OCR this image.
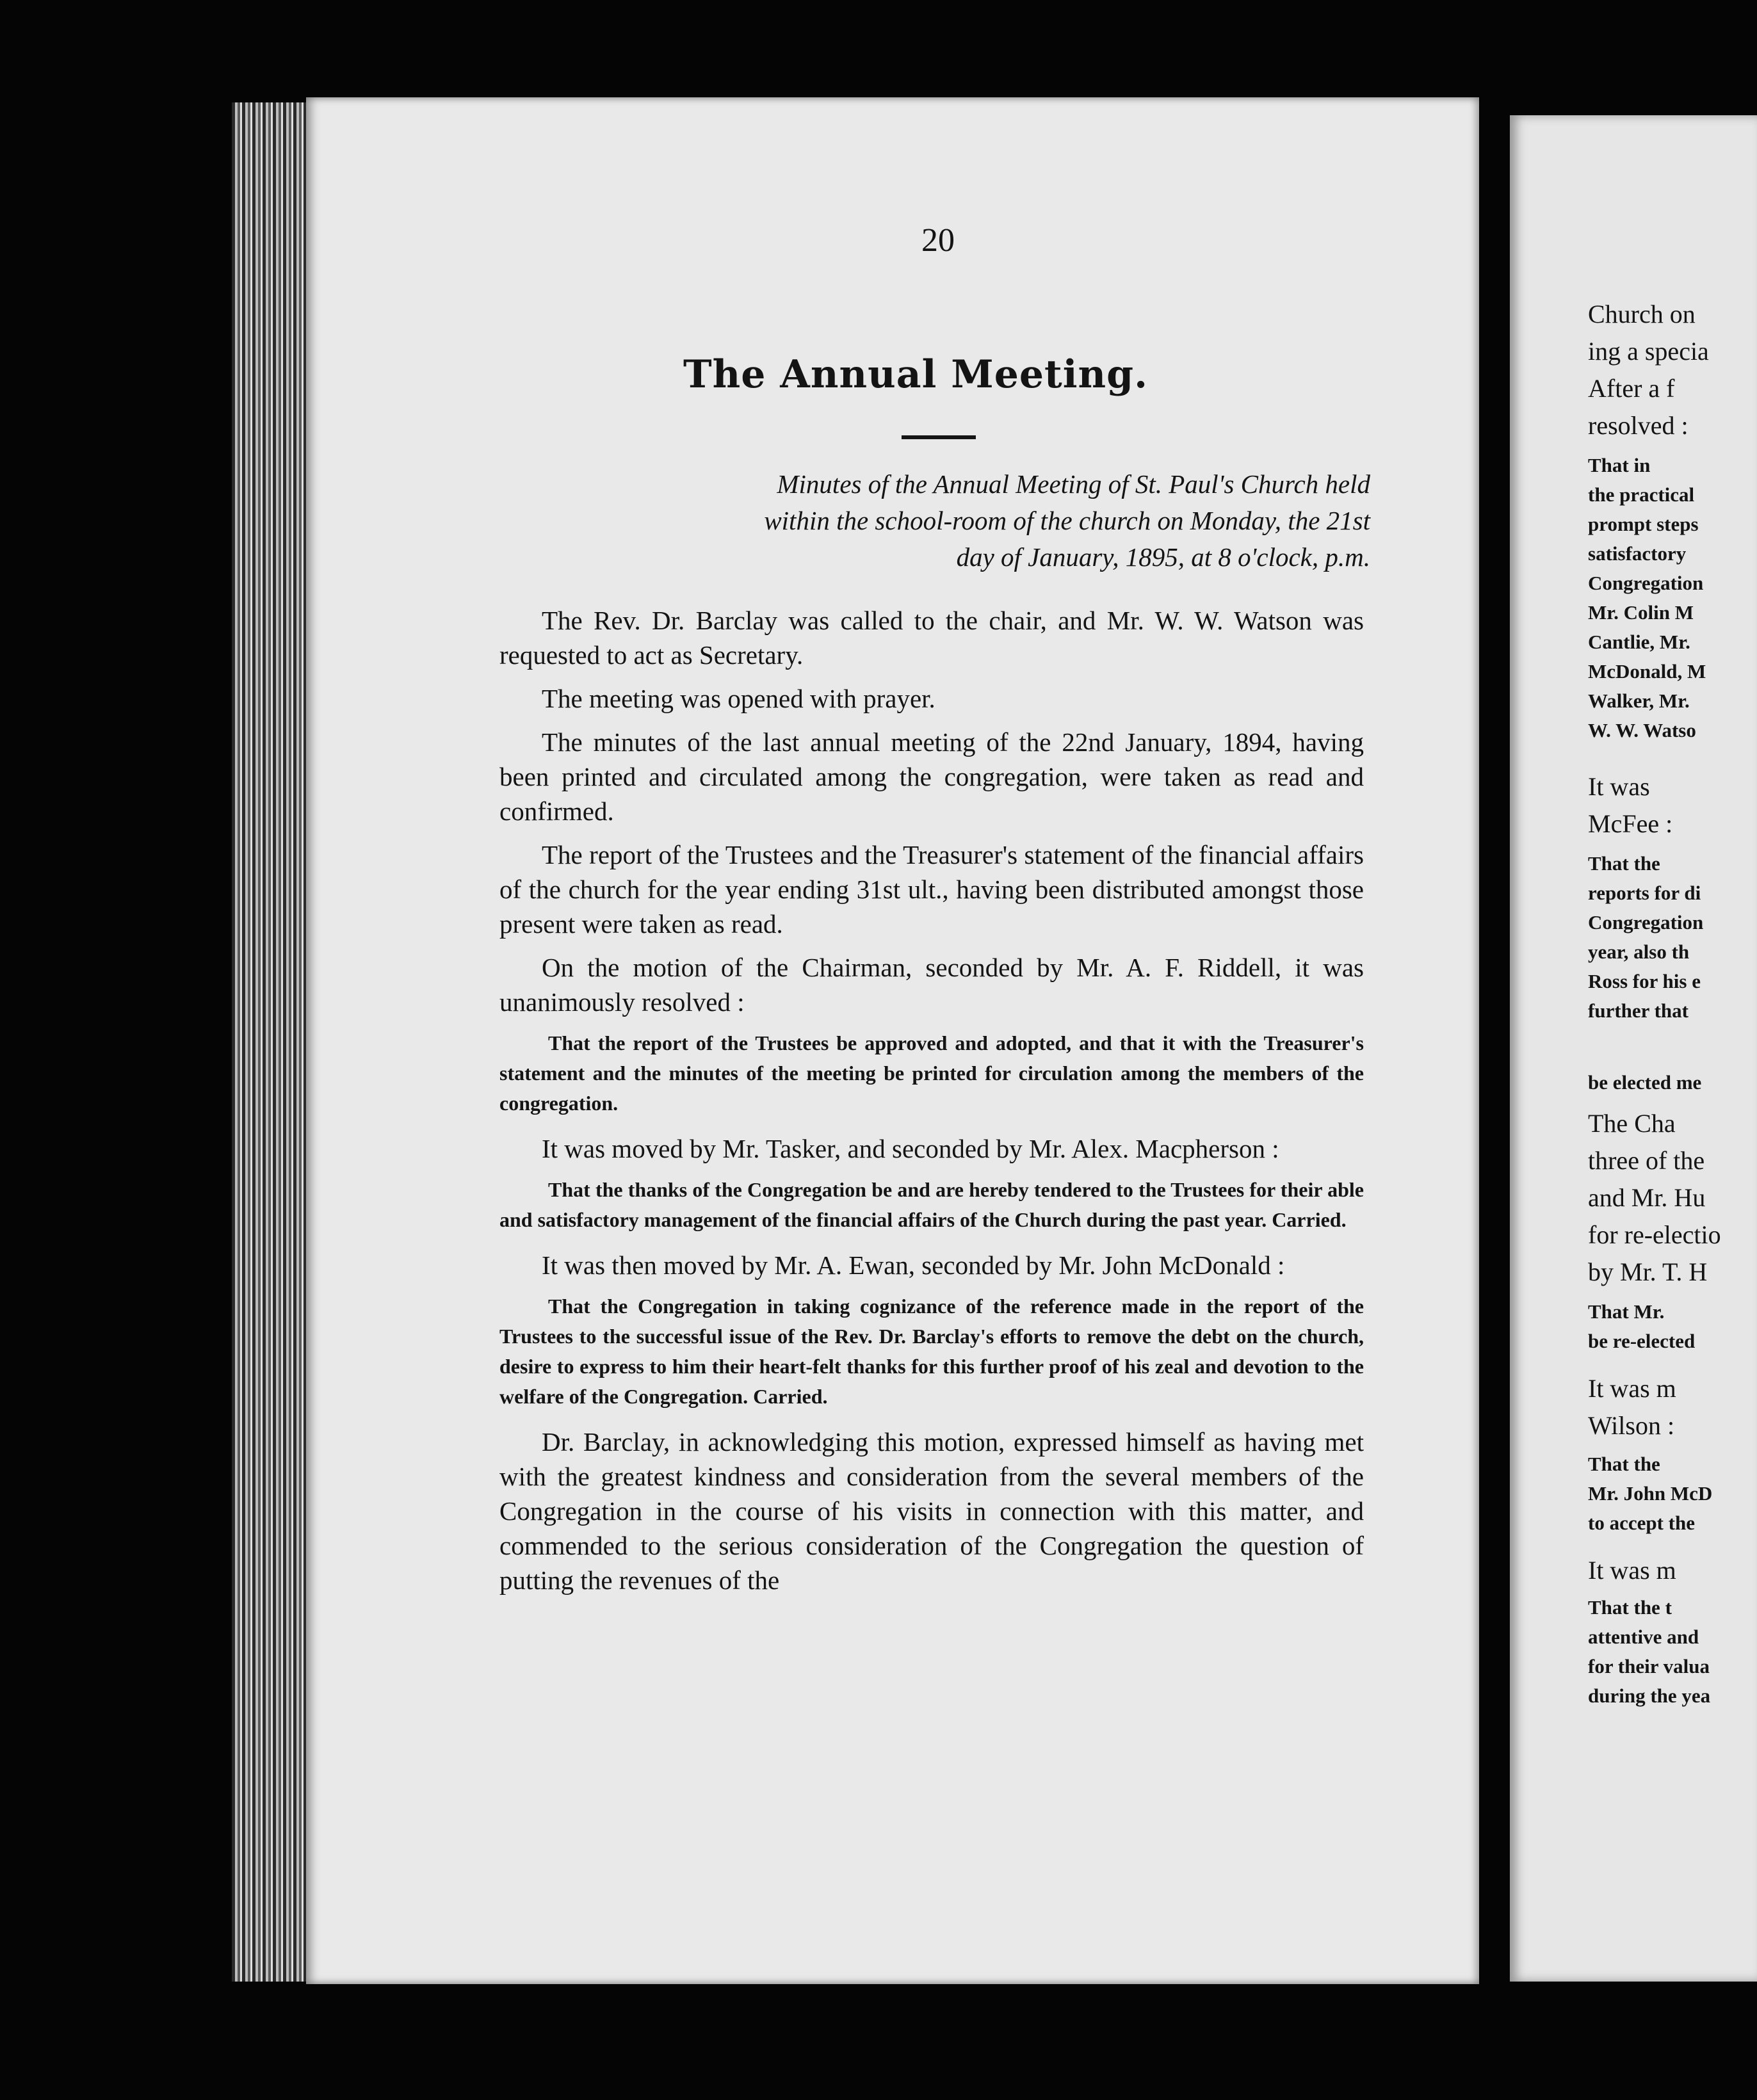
20
The Annual Meeting.
Minutes of the Annual Meeting of St. Paul's Church held
within the school-room of the church on Monday, the 21st
day of January, 1895, at 8 o'clock, p.m.

The Rev. Dr. Barclay was called to the chair, and Mr. W. W. Watson was requested to act as Secretary.

The meeting was opened with prayer.

The minutes of the last annual meeting of the 22nd January, 1894, having been printed and circulated among the congregation, were taken as read and confirmed.

The report of the Trustees and the Treasurer's statement of the financial affairs of the church for the year ending 31st ult., having been distributed amongst those present were taken as read.

On the motion of the Chairman, seconded by Mr. A. F. Riddell, it was unanimously resolved :

That the report of the Trustees be approved and adopted, and that it with the Treasurer's statement and the minutes of the meeting be printed for circulation among the members of the congregation.

It was moved by Mr. Tasker, and seconded by Mr. Alex. Macpherson :

That the thanks of the Congregation be and are hereby tendered to the Trustees for their able and satisfactory management of the financial affairs of the Church during the past year. Carried.

It was then moved by Mr. A. Ewan, seconded by Mr. John McDonald :

That the Congregation in taking cognizance of the reference made in the report of the Trustees to the successful issue of the Rev. Dr. Barclay's efforts to remove the debt on the church, desire to express to him their heart-felt thanks for this further proof of his zeal and devotion to the welfare of the Congregation. Carried.

Dr. Barclay, in acknowledging this motion, expressed himself as having met with the greatest kindness and consideration from the several members of the Congregation in the course of his visits in connection with this matter, and commended to the serious consideration of the Congregation the question of putting the revenues of the

Church on
ing a specia
After a f
resolved :
That in
the practical
prompt steps
satisfactory
Congregation
Mr. Colin M
Cantlie, Mr.
McDonald, M
Walker, Mr.
W. W. Watso
It was
McFee :
That the
reports for di
Congregation
year, also th
Ross for his e
further that
be elected me
The Cha
three of the
and Mr. Hu
for re-electio
by Mr. T. H
That Mr.
be re-elected
It was m
Wilson :
That the
Mr. John McD
to accept the
It was m
That the t
attentive and
for their valua
during the yea
